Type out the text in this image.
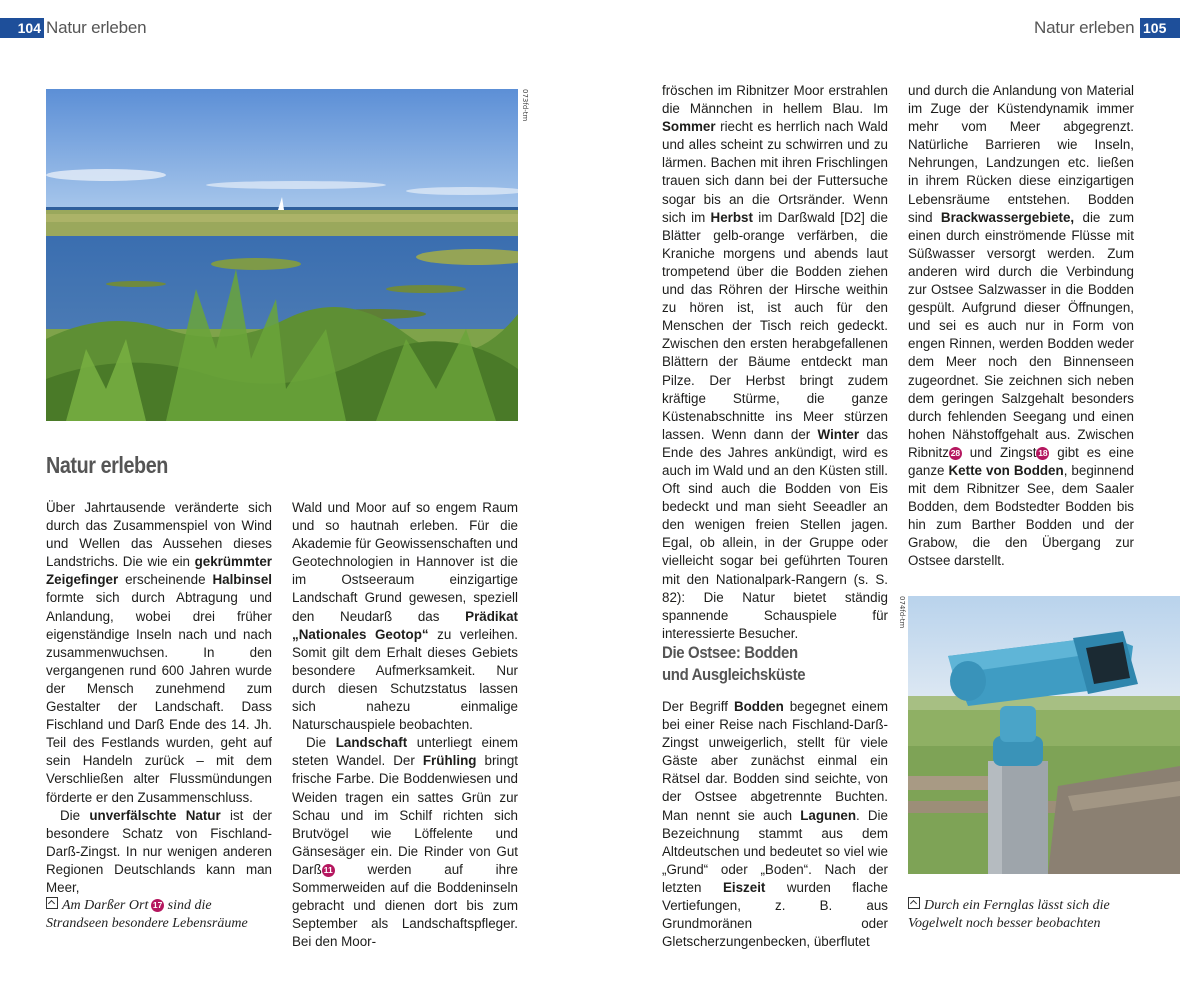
104 Natur erleben	Natur erleben 105
073fd-tm
Natur erleben

Über Jahrtausende veränderte sich durch das Zusammenspiel von Wind und Wellen das Aussehen dieses Landstrichs. Die wie ein gekrümmter Zeigefinger erscheinende Halbinsel formte sich durch Abtragung und Anlandung, wobei drei früher eigenständige Inseln nach und nach zusammenwuchsen. In den vergangenen rund 600 Jahren wurde der Mensch zunehmend zum Gestalter der Landschaft. Dass Fischland und Darß Ende des 14. Jh. Teil des Festlands wurden, geht auf sein Handeln zurück – mit dem Verschließen alter Flussmündungen förderte er den Zusammenschluss.

Die unverfälschte Natur ist der besondere Schatz von Fischland-Darß-Zingst. In nur wenigen anderen Regionen Deutschlands kann man Meer,

Am Darßer Ort  17 sind die
Strandseen besondere Lebensräume

Wald und Moor auf so engem Raum und so hautnah erleben. Für die Akademie für Geowissenschaften und Geotechnologien in Hannover ist die im Ostseeraum einzigartige Landschaft Grund gewesen, speziell den Neudarß das Prädikat „Nationales Geotop“ zu verleihen. Somit gilt dem Erhalt dieses Gebiets besondere Aufmerksamkeit. Nur durch diesen Schutzstatus lassen sich nahezu einmalige Naturschauspiele beobachten.

Die Landschaft unterliegt einem steten Wandel. Der Frühling bringt frische Farbe. Die Boddenwiesen und Weiden tragen ein sattes Grün zur Schau und im Schilf richten sich Brutvögel wie Löffelente und Gänsesäger ein. Die Rinder von Gut Darß 11 werden auf ihre Sommerweiden auf die Boddeninseln gebracht und dienen dort bis zum September als Landschaftspfleger. Bei den Moor-

fröschen im Ribnitzer Moor erstrahlen die Männchen in hellem Blau. Im Sommer riecht es herrlich nach Wald und alles scheint zu schwirren und zu lärmen. Bachen mit ihren Frischlingen trauen sich dann bei der Futtersuche sogar bis an die Ortsränder. Wenn sich im Herbst im Darßwald [D2] die Blätter gelb-orange verfärben, die Kraniche morgens und abends laut trompetend über die Bodden ziehen und das Röhren der Hirsche weithin zu hören ist, ist auch für den Menschen der Tisch reich gedeckt. Zwischen den ersten herabgefallenen Blättern der Bäume entdeckt man Pilze. Der Herbst bringt zudem kräftige Stürme, die ganze Küstenabschnitte ins Meer stürzen lassen. Wenn dann der Winter das Ende des Jahres ankündigt, wird es auch im Wald und an den Küsten still. Oft sind auch die Bodden von Eis bedeckt und man sieht Seeadler an den wenigen freien Stellen jagen. Egal, ob allein, in der Gruppe oder vielleicht sogar bei geführten Touren mit den Nationalpark-Rangern (s. S. 82): Die Natur bietet ständig spannende Schauspiele für interessierte Besucher.

Die Ostsee: Bodden
und Ausgleichsküste

Der Begriff Bodden begegnet einem bei einer Reise nach Fischland-Darß-Zingst unweigerlich, stellt für viele Gäste aber zunächst einmal ein Rätsel dar. Bodden sind seichte, von der Ostsee abgetrennte Buchten. Man nennt sie auch Lagunen. Die Bezeichnung stammt aus dem Altdeutschen und bedeutet so viel wie „Grund“ oder „Boden“. Nach der letzten Eiszeit wurden flache Vertiefungen, z. B. aus Grundmoränen oder Gletscherzungenbecken, überflutet

und durch die Anlandung von Material im Zuge der Küstendynamik immer mehr vom Meer abgegrenzt. Natürliche Barrieren wie Inseln, Nehrungen, Landzungen etc. ließen in ihrem Rücken diese einzigartigen Lebensräume entstehen. Bodden sind Brackwassergebiete, die zum einen durch einströmende Flüsse mit Süßwasser versorgt werden. Zum anderen wird durch die Verbindung zur Ostsee Salzwasser in die Bodden gespült. Aufgrund dieser Öffnungen, und sei es auch nur in Form von engen Rinnen, werden Bodden weder dem Meer noch den Binnenseen zugeordnet. Sie zeichnen sich neben dem geringen Salzgehalt besonders durch fehlenden Seegang und einen hohen Nähstoffgehalt aus. Zwischen Ribnitz 28 und Zingst 18 gibt es eine ganze Kette von Bodden, beginnend mit dem Ribnitzer See, dem Saaler Bodden, dem Bodstedter Bodden bis hin zum Barther Bodden und der Grabow, die den Übergang zur Ostsee darstellt.

074fd-tm
Durch ein Fernglas lässt sich die
Vogelwelt noch besser beobachten
